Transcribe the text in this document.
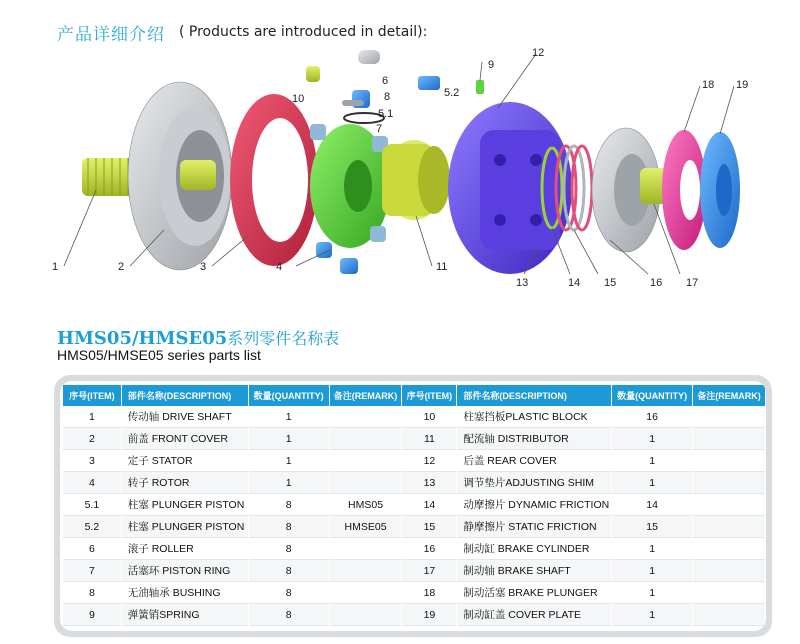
产品详细介绍 ( Products are introduced in detail):
1	2	3	4
5.1
5.2
6
7
8
9
10
11
12
13	14 15	16 17
18 19
HMS05/HMSE05系列零件名称表
HMS05/HMSE05 series parts list
序号(ITEM)	部件名称(DESCRIPTION)	数量(QUANTITY)	备注(REMARK)	序号(ITEM)	部件名称(DESCRIPTION)	数量(QUANTITY)	备注(REMARK)
1	传动轴 DRIVE SHAFT	1		10	柱塞挡板PLASTIC BLOCK	16	
2	前盖 FRONT COVER	1		11	配流轴 DISTRIBUTOR	1	
3	定子 STATOR	1		12	后盖 REAR COVER	1	
4	转子 ROTOR	1		13	调节垫片ADJUSTING SHIM	1	
5.1	柱塞 PLUNGER PISTON	8	HMS05	14	动摩擦片 DYNAMIC FRICTION	14	
5.2	柱塞 PLUNGER PISTON	8	HMSE05	15	静摩擦片 STATIC FRICTION	15	
6	滚子 ROLLER	8		16	制动缸 BRAKE CYLINDER	1	
7	活塞环 PISTON RING	8		17	制动轴 BRAKE SHAFT	1	
8	无油轴承 BUSHING	8		18	制动活塞 BRAKE PLUNGER	1	
9	弹簧销SPRING	8		19	制动缸盖 COVER PLATE	1	
